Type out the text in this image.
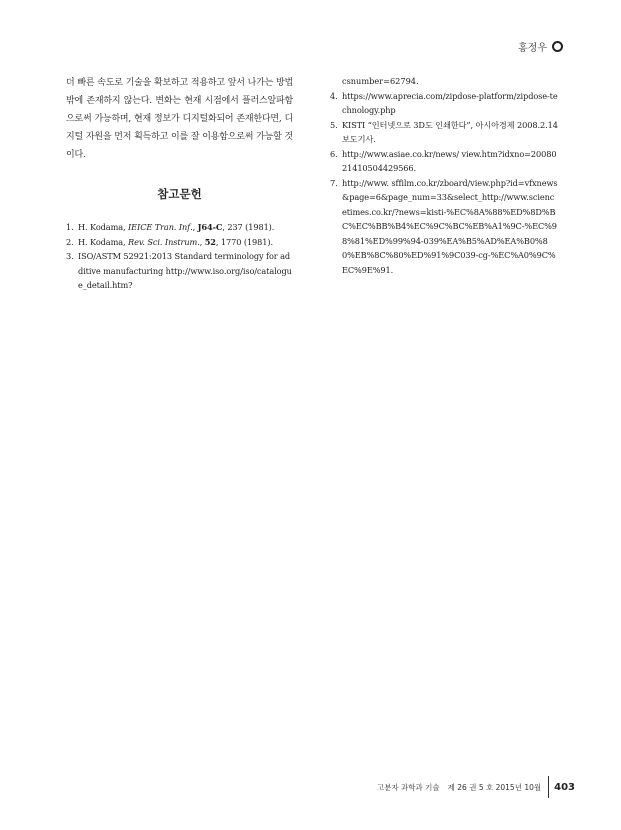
홍정우

더 빠른 속도로 기술을 확보하고 적용하고 앞서 나가는 방법밖에 존재하지 않는다. 변화는 현재 시점에서 플러스알파함으로써 가능하며, 현재 정보가 디지털화되어 존재한다면, 디지털 자원을 먼저 획득하고 이를 잘 이용함으로써 가능할 것이다.

참고문헌
1. H. Kodama, IEICE Tran. Inf., J64-C, 237 (1981).
2. H. Kodama, Rev. Sci. Instrum., 52, 1770 (1981).
3. ISO/ASTM 52921:2013 Standard terminology for additive manufacturing http://www.iso.org/iso/catalogue_detail.htm?
csnumber=62794.
4. https://www.aprecia.com/zipdose-platform/zipdose-technology.php
5. KISTI “인터넷으로 3D도 인쇄한다”, 아시아경제 2008.2.14 보도기사.
6. http://www.asiae.co.kr/news/ view.htm?idxno=2008021410504429566.
7. http://www. sffilm.co.kr/zboard/view.php?id=vfxnews&page=6&page_num=33&select_http://www.sciencetimes.co.kr/?news=kisti-%EC%8A%88%ED%8D%BC%EC%BB%B4%EC%9C%BC%EB%A1%9C-%EC%98%81%ED%99%94-039%EA%B5%AD%EA%B0%80%EB%8C%80%ED%91%9C039-cg-%EC%A0%9C%EC%9E%91.
고분자 과학과 기술 제 26 권 5 호 2015년 10월 403
